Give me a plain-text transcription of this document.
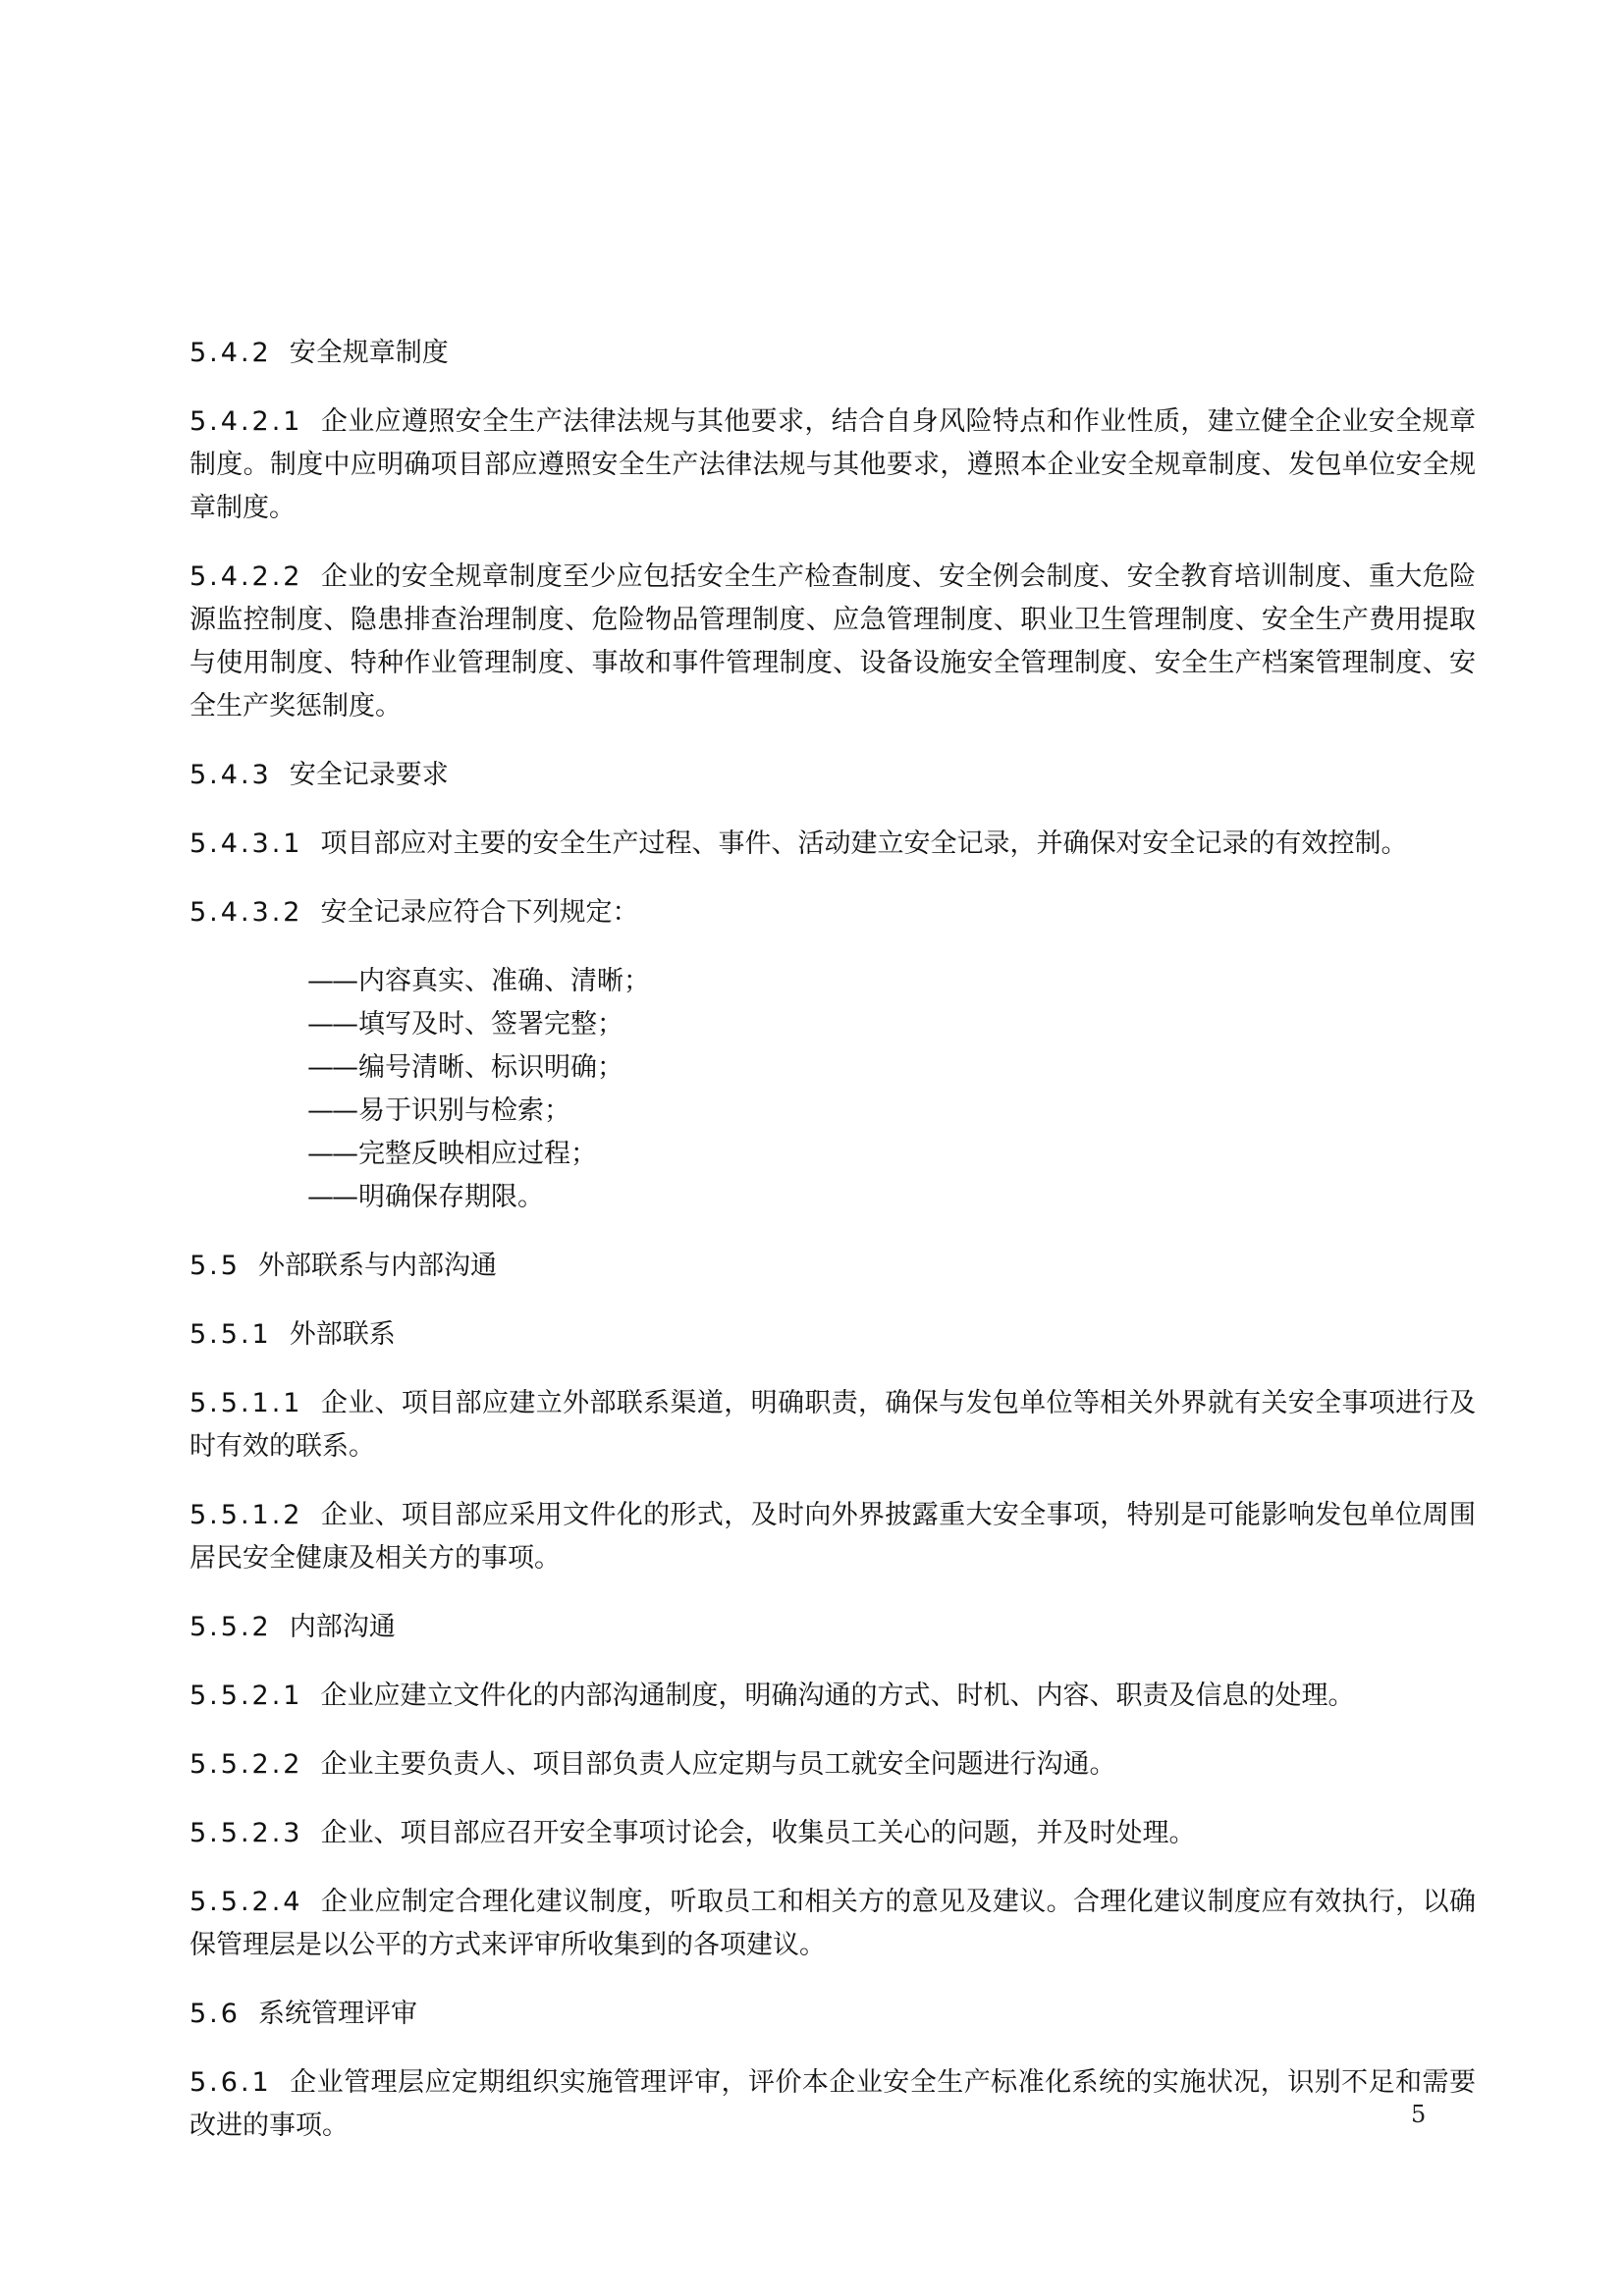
5.4.2 安全规章制度

5.4.2.1 企业应遵照安全生产法律法规与其他要求，结合自身风险特点和作业性质，建立健全企业安全规章制度。制度中应明确项目部应遵照安全生产法律法规与其他要求，遵照本企业安全规章制度、发包单位安全规章制度。

5.4.2.2 企业的安全规章制度至少应包括安全生产检查制度、安全例会制度、安全教育培训制度、重大危险源监控制度、隐患排查治理制度、危险物品管理制度、应急管理制度、职业卫生管理制度、安全生产费用提取与使用制度、特种作业管理制度、事故和事件管理制度、设备设施安全管理制度、安全生产档案管理制度、安全生产奖惩制度。

5.4.3 安全记录要求

5.4.3.1 项目部应对主要的安全生产过程、事件、活动建立安全记录，并确保对安全记录的有效控制。

5.4.3.2 安全记录应符合下列规定：

—— 内容真实、准确、清晰；
—— 填写及时、签署完整；
—— 编号清晰、标识明确；
—— 易于识别与检索；
—— 完整反映相应过程；
—— 明确保存期限。

5.5 外部联系与内部沟通

5.5.1 外部联系

5.5.1.1 企业、项目部应建立外部联系渠道，明确职责，确保与发包单位等相关外界就有关安全事项进行及时有效的联系。

5.5.1.2 企业、项目部应采用文件化的形式，及时向外界披露重大安全事项，特别是可能影响发包单位周围居民安全健康及相关方的事项。

5.5.2 内部沟通

5.5.2.1 企业应建立文件化的内部沟通制度，明确沟通的方式、时机、内容、职责及信息的处理。

5.5.2.2 企业主要负责人、项目部负责人应定期与员工就安全问题进行沟通。

5.5.2.3 企业、项目部应召开安全事项讨论会，收集员工关心的问题，并及时处理。

5.5.2.4 企业应制定合理化建议制度，听取员工和相关方的意见及建议。合理化建议制度应有效执行，以确保管理层是以公平的方式来评审所收集到的各项建议。

5.6 系统管理评审

5.6.1 企业管理层应定期组织实施管理评审，评价本企业安全生产标准化系统的实施状况，识别不足和需要改进的事项。	5
